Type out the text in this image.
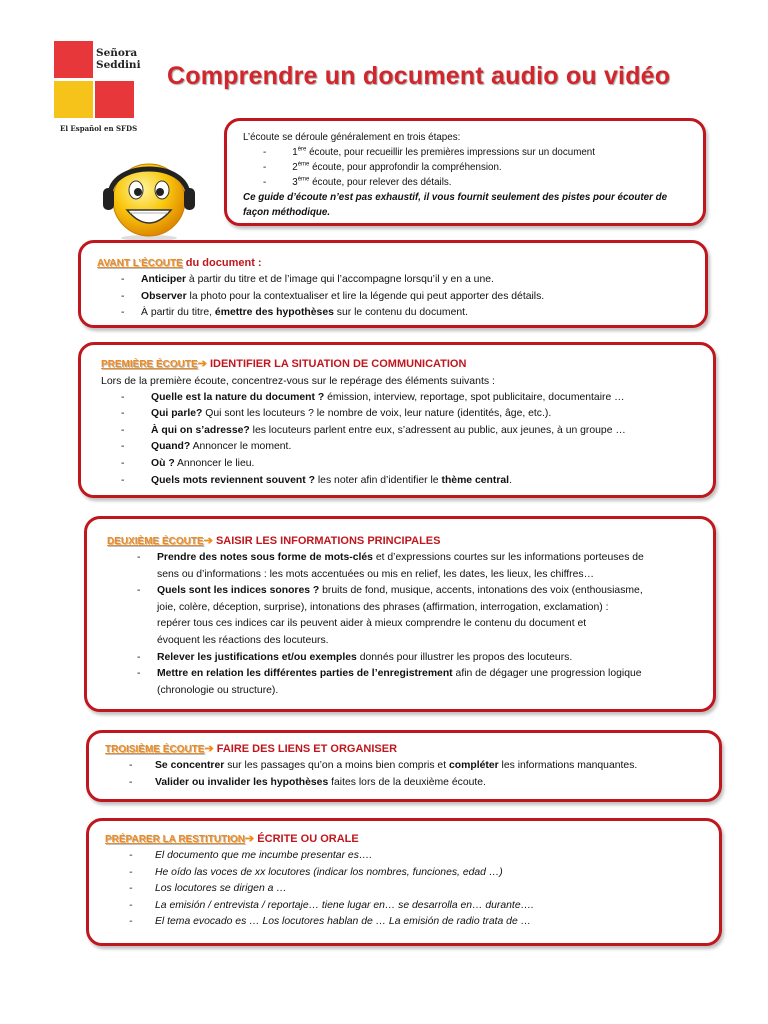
Señora
Seddini
El Español en SFDS
Comprendre un document audio ou vidéo
L’écoute se déroule généralement en trois étapes:
-	1ère écoute, pour recueillir les premières impressions sur un document
-	2ème écoute, pour approfondir la compréhension.
-	3ème écoute, pour relever des détails.
Ce guide d’écoute n’est pas exhaustif, il vous fournit seulement des pistes pour écouter de
façon méthodique.
AVANT L’ÉCOUTE du document :
- Anticiper à partir du titre et de l’image qui l’accompagne lorsqu’il y en a une.
- Observer la photo pour la contextualiser et lire la légende qui peut apporter des détails.
- À partir du titre, émettre des hypothèses sur le contenu du document.
PREMIÈRE ÉCOUTE➔ IDENTIFIER LA SITUATION DE COMMUNICATION
Lors de la première écoute, concentrez-vous sur le repérage des éléments suivants :
- Quelle est la nature du document ? émission, interview, reportage, spot publicitaire, documentaire …
- Qui parle? Qui sont les locuteurs ? le nombre de voix, leur nature (identités, âge, etc.).
- À qui on s’adresse? les locuteurs parlent entre eux, s’adressent au public, aux jeunes, à un groupe …
- Quand? Annoncer le moment.
- Où ? Annoncer le lieu.
- Quels mots reviennent souvent ? les noter afin d’identifier le thème central.
DEUXIÈME ÉCOUTE➔ SAISIR LES INFORMATIONS PRINCIPALES
- Prendre des notes sous forme de mots-clés et d’expressions courtes sur les informations porteuses de
sens ou d’informations : les mots accentuées ou mis en relief, les dates, les lieux, les chiffres…
- Quels sont les indices sonores ? bruits de fond, musique, accents, intonations des voix (enthousiasme,
joie, colère, déception, surprise), intonations des phrases (affirmation, interrogation, exclamation) :
repérer tous ces indices car ils peuvent aider à mieux comprendre le contenu du document et
évoquent les réactions des locuteurs.
- Relever les justifications et/ou exemples donnés pour illustrer les propos des locuteurs.
- Mettre en relation les différentes parties de l’enregistrement afin de dégager une progression logique
(chronologie ou structure).
TROISIÈME ÉCOUTE➔ FAIRE DES LIENS ET ORGANISER
- Se concentrer sur les passages qu’on a moins bien compris et compléter les informations manquantes.
- Valider ou invalider les hypothèses faites lors de la deuxième écoute.
PRÉPARER LA RESTITUTION➔ ÉCRITE OU ORALE
- El documento que me incumbe presentar es….
- He oído las voces de xx locutores (indicar los nombres, funciones, edad …)
- Los locutores se dirigen a …
- La emisión / entrevista / reportaje… tiene lugar en… se desarrolla en… durante….
- El tema evocado es … Los locutores hablan de … La emisión de radio trata de …
